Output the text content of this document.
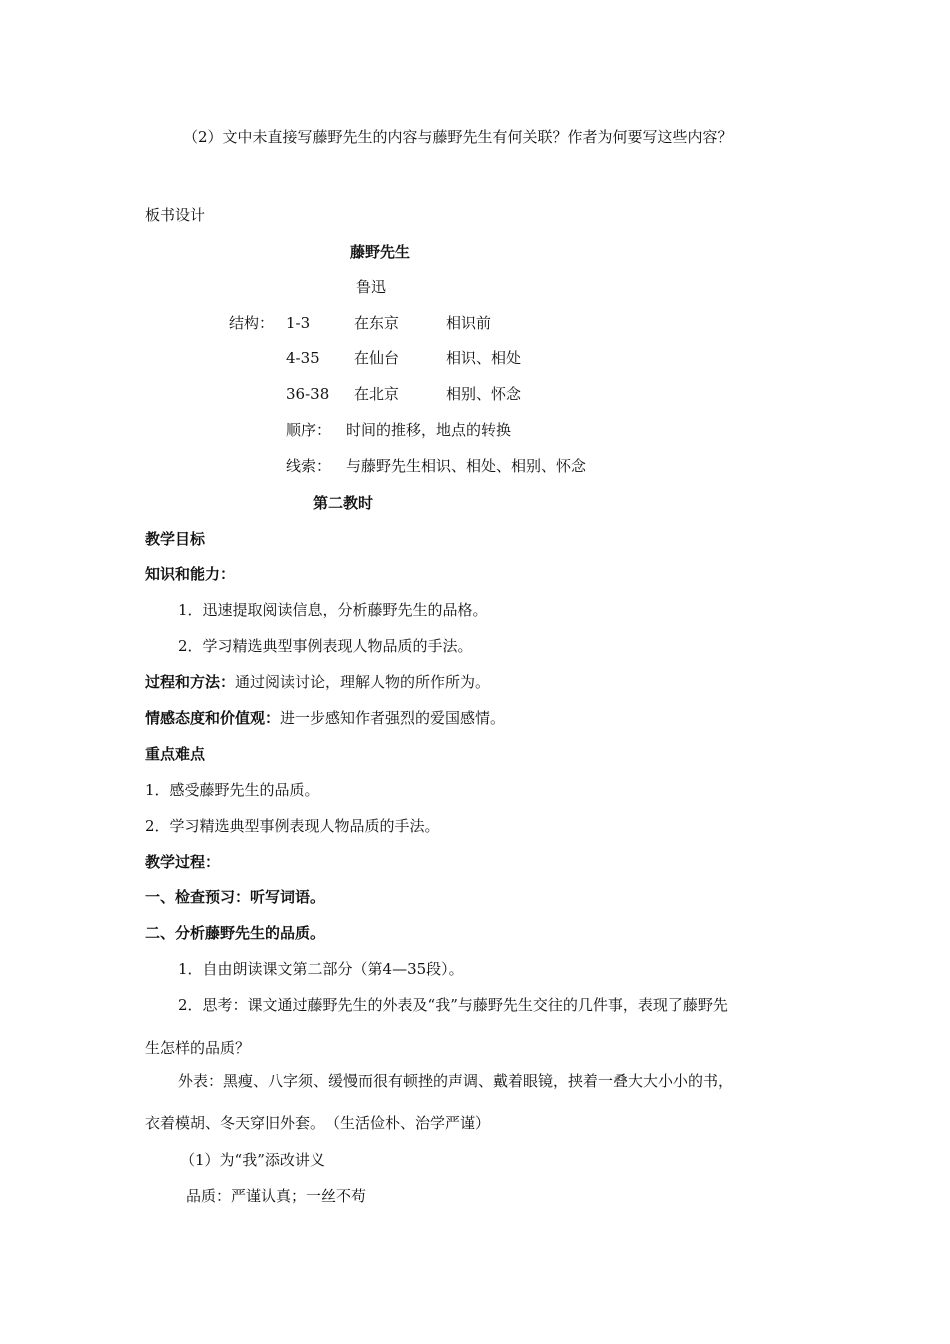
（2）文中未直接写藤野先生的内容与藤野先生有何关联？作者为何要写这些内容？
板书设计
藤野先生
鲁迅
结构： 1-3	在东京	相识前
4-35 在仙台	相识、相处
36-38 在北京	相别、怀念
顺序： 时间的推移，地点的转换
线索： 与藤野先生相识、相处、相别、怀念
第二教时
教学目标
知识和能力：
1．迅速提取阅读信息，分析藤野先生的品格。
2．学习精选典型事例表现人物品质的手法。
过程和方法：通过阅读讨论，理解人物的所作所为。
情感态度和价值观：进一步感知作者强烈的爱国感情。
重点难点
1．感受藤野先生的品质。
2．学习精选典型事例表现人物品质的手法。
教学过程：
一、检查预习：听写词语。
二、分析藤野先生的品质。
1．自由朗读课文第二部分（第4—35段）。
2．思考：课文通过藤野先生的外表及“我”与藤野先生交往的几件事，表现了藤野先
生怎样的品质？
外表：黑瘦、八字须、缓慢而很有顿挫的声调、戴着眼镜，挟着一叠大大小小的书，
衣着模胡、冬天穿旧外套。　（生活俭朴、治学严谨）
（1）为“我”添改讲义
品质：严谨认真；一丝不苟
